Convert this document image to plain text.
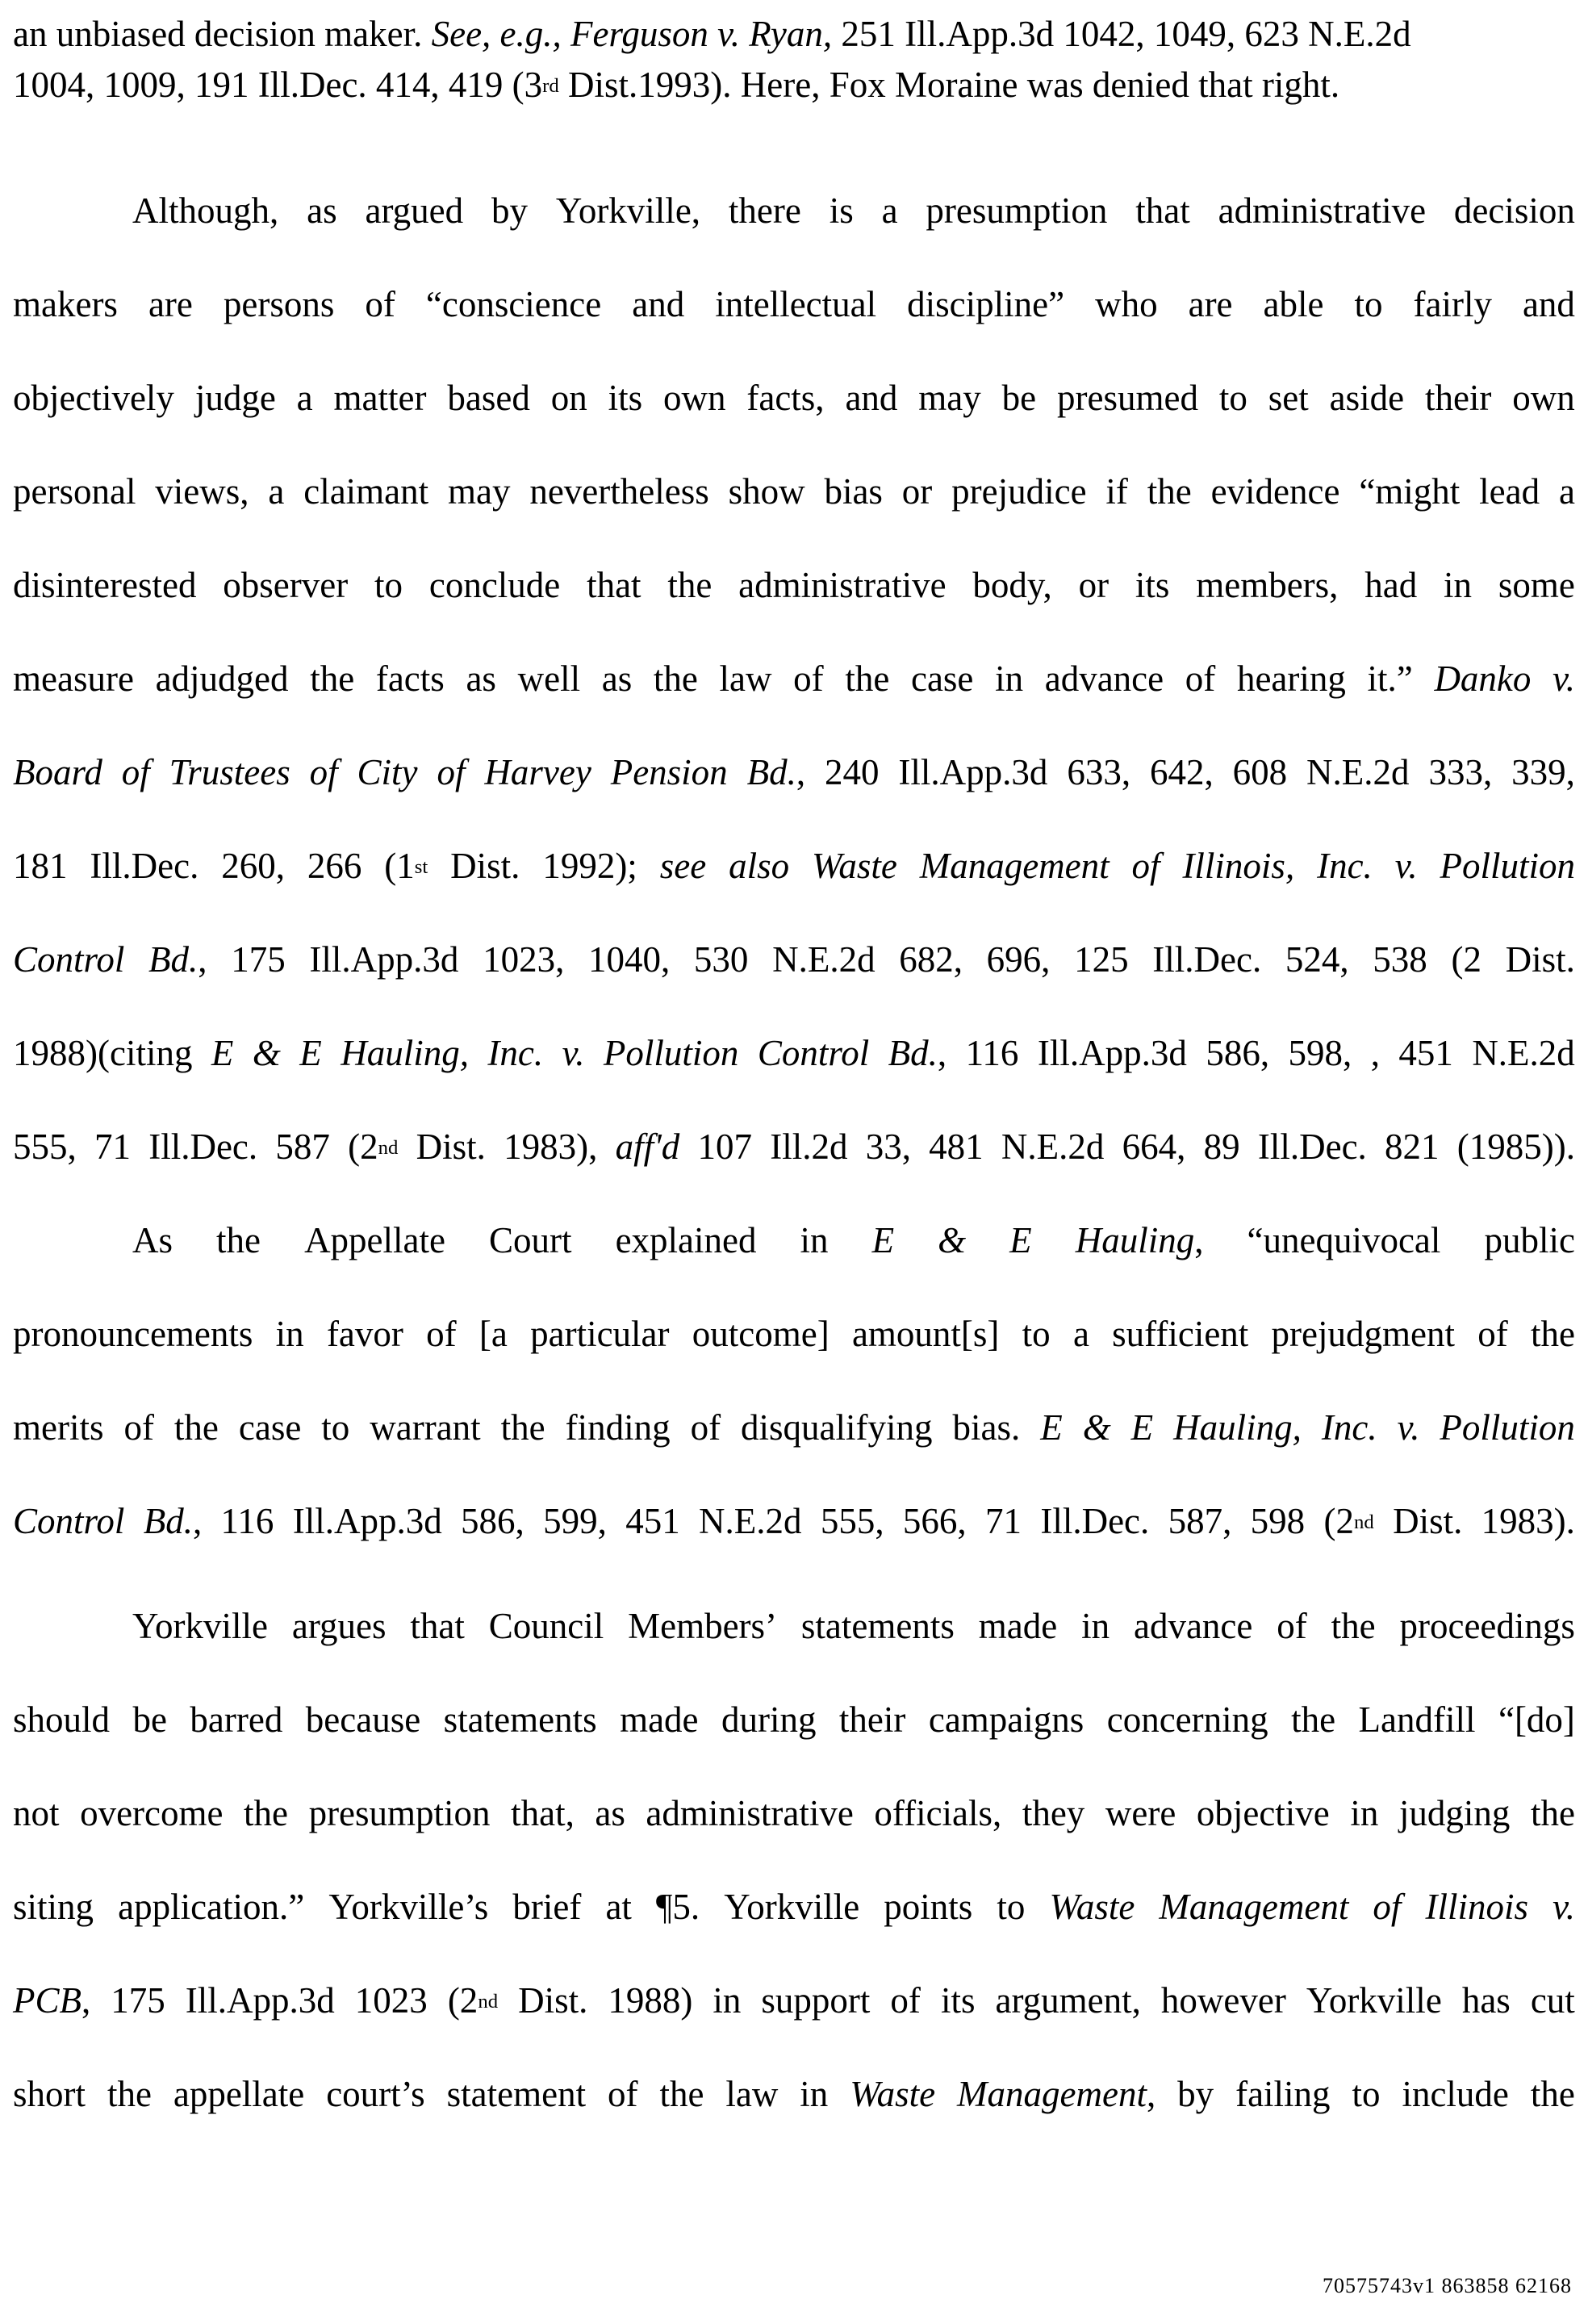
an unbiased decision maker. See, e.g., Ferguson v. Ryan, 251 Ill.App.3d 1042, 1049, 623 N.E.2d
1004, 1009, 191 Ill.Dec. 414, 419 (3rd Dist.1993). Here, Fox Moraine was denied that right.
Although, as argued by Yorkville, there is a presumption that administrative decision
makers are persons of “conscience and intellectual discipline” who are able to fairly and
objectively judge a matter based on its own facts, and may be presumed to set aside their own
personal views, a claimant may nevertheless show bias or prejudice if the evidence “might lead a
disinterested observer to conclude that the administrative body, or its members, had in some
measure adjudged the facts as well as the law of the case in advance of hearing it.” Danko v.
Board of Trustees of City of Harvey Pension Bd., 240 Ill.App.3d 633, 642, 608 N.E.2d 333, 339,
181 Ill.Dec. 260, 266 (1st Dist. 1992); see also Waste Management of Illinois, Inc. v. Pollution
Control Bd., 175 Ill.App.3d 1023, 1040, 530 N.E.2d 682, 696, 125 Ill.Dec. 524, 538 (2 Dist.
1988)(citing E & E Hauling, Inc. v. Pollution Control Bd., 116 Ill.App.3d 586, 598, , 451 N.E.2d
555, 71 Ill.Dec. 587 (2nd Dist. 1983), aff'd 107 Ill.2d 33, 481 N.E.2d 664, 89 Ill.Dec. 821 (1985)).
As the Appellate Court explained in E & E Hauling, “unequivocal public
pronouncements in favor of [a particular outcome] amount[s] to a sufficient prejudgment of the
merits of the case to warrant the finding of disqualifying bias. E & E Hauling, Inc. v. Pollution
Control Bd., 116 Ill.App.3d 586, 599, 451 N.E.2d 555, 566, 71 Ill.Dec. 587, 598 (2nd Dist. 1983).
Yorkville argues that Council Members’ statements made in advance of the proceedings
should be barred because statements made during their campaigns concerning the Landfill “[do]
not overcome the presumption that, as administrative officials, they were objective in judging the
siting application.” Yorkville’s brief at ¶5. Yorkville points to Waste Management of Illinois v.
PCB, 175 Ill.App.3d 1023 (2nd Dist. 1988) in support of its argument, however Yorkville has cut
short the appellate court’s statement of the law in Waste Management, by failing to include the
70575743v1 863858 62168
